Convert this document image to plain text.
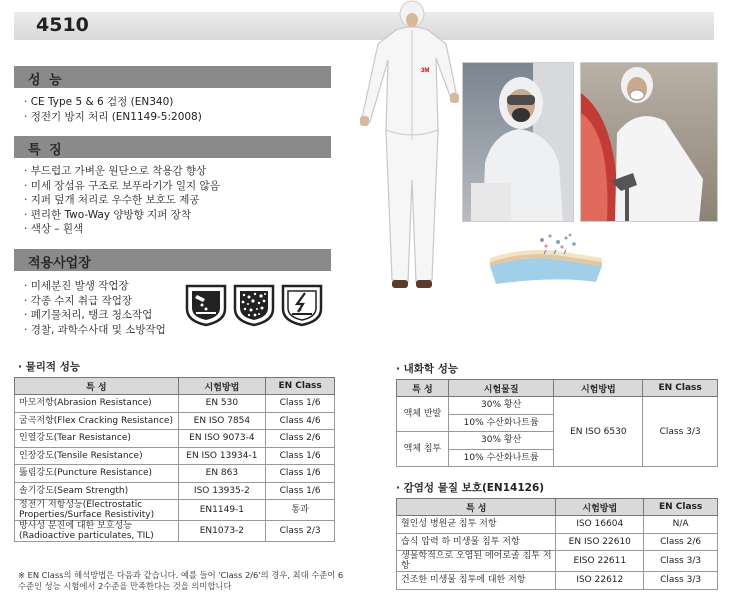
4510
성 능
· CE Type 5 & 6 검정 (EN340)
· 정전기 방지 처리 (EN1149-5:2008)
특 징
· 부드럽고 가벼운 원단으로 착용감 향상
· 미세 장섬유 구조로 보푸라기가 일지 않음
· 지퍼 덮개 처리로 우수한 보호도 제공
· 편리한 Two-Way 양방향 지퍼 장착
· 색상 – 흰색
적용사업장
· 미세분진 발생 작업장
· 각종 수지 취급 작업장
· 폐기물처리, 탱크 청소작업
· 경찰, 과학수사대 및 소방작업
3M
· 물리적 성능
특 성	시험방법	EN Class
마모저항(Abrasion Resistance)	EN 530	Class 1/6
굴곡저항(Flex Cracking Resistance)	EN ISO 7854	Class 4/6
인열강도(Tear Resistance)	EN ISO 9073-4	Class 2/6
인장강도(Tensile Resistance)	EN ISO 13934-1	Class 1/6
뚫림강도(Puncture Resistance)	EN 863	Class 1/6
솔기강도(Seam Strength)	ISO 13935-2	Class 1/6
정전기 저항성능(Electrostatic Properties/Surface Resistivity)	EN1149-1	통과
방사성 분진에 대한 보호성능 (Radioactive particulates, TIL)	EN1073-2	Class 2/3
※ EN Class의 해석방법은 다음과 같습니다. 예를 들어 'Class 2/6'의 경우, 최대 수준이 6수준인 성능 시험에서 2수준을 만족한다는 것을 의미합니다
· 내화학 성능
특 성	시험물질	시험방법	EN Class
액체 반발	30% 황산	EN ISO 6530	Class 3/3
	10% 수산화나트륨		
액체 침투	30% 황산		
	10% 수산화나트륨		
· 감염성 물질 보호(EN14126)
특 성	시험방법	EN Class
혈인성 병원균 침투 저항	ISO 16604	N/A
습식 압력 하 미생물 침투 저항	EN ISO 22610	Class 2/6
생물학적으로 오염된 에어로졸 침투 저항	EISO 22611	Class 3/3
건조한 미생물 침투에 대한 저항	ISO 22612	Class 3/3
